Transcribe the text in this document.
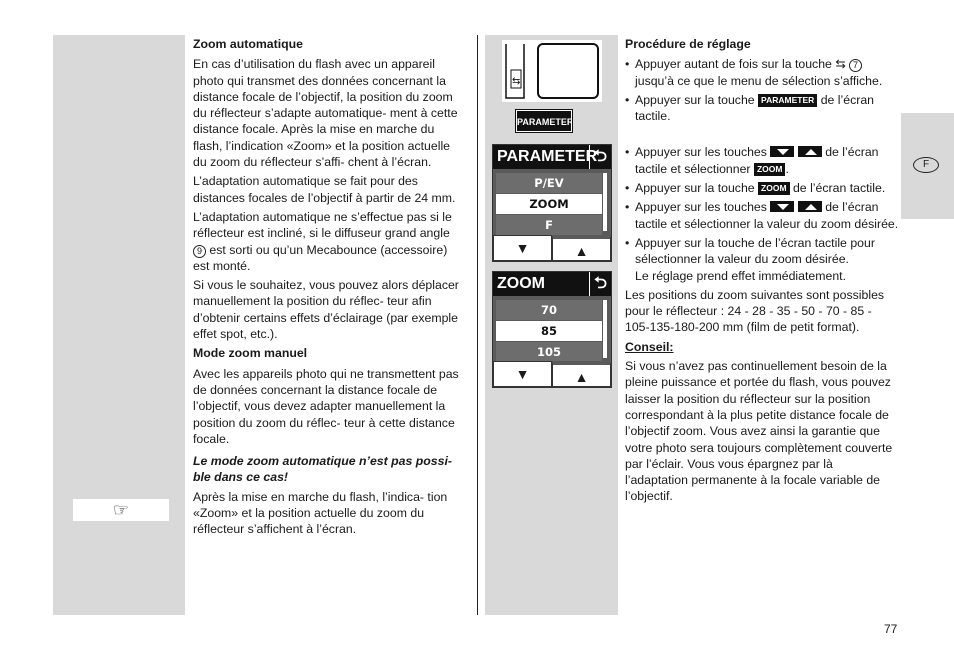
☞
Zoom automatique

En cas d’utilisation du flash avec un appareil photo qui transmet des données concernant la distance focale de l’objectif, la position du zoom du réflecteur s’adapte automatique- ment à cette distance focale. Après la mise en marche du flash, l’indication «Zoom» et la position actuelle du zoom du réflecteur s’affi- chent à l’écran.

L’adaptation automatique se fait pour des distances focales de l’objectif à partir de 24 mm.

L’adaptation automatique ne s’effectue pas si le réflecteur est incliné, si le diffuseur grand angle 9 est sorti ou qu’un Mecabounce (accessoire) est monté.

Si vous le souhaitez, vous pouvez alors déplacer manuellement la position du réflec- teur afin d’obtenir certains effets d’éclairage (par exemple effet spot, etc.).

Mode zoom manuel

Avec les appareils photo qui ne transmettent pas de données concernant la distance focale de l’objectif, vous devez adapter manuellement la position du zoom du réflec- teur à cette distance focale.

Le mode zoom automatique n’est pas possi- ble dans ce cas!

Après la mise en marche du flash, l’indica- tion «Zoom» et la position actuelle du zoom du réflecteur s’affichent à l’écran.

⇆
PARAMETER
PARAMETER
⮌
P/EV
ZOOM
F
▼	▲
ZOOM	⮌
70
85
105
▼	▲
Procédure de réglage

• Appuyer autant de fois sur la touche ⇆ 7 jusqu’à ce que le menu de sélection s’affiche.

• Appuyer sur la touche PARAMETER de l’écran tactile.

• Appuyer sur les touches
	de l’écran tactile et sélectionner ZOOM .

• Appuyer sur la touche ZOOM de l’écran tactile.

• Appuyer sur les touches
	de l’écran tactile et sélectionner la valeur du zoom désirée.

• Appuyer sur la touche de l’écran tactile pour sélectionner la valeur du zoom désirée.

Le réglage prend effet immédiatement.

Les positions du zoom suivantes sont possibles pour le réflecteur : 24 - 28 - 35 - 50 - 70 - 85 - 105-135-180-200 mm (film de petit format).

Conseil:

Si vous n’avez pas continuellement besoin de la pleine puissance et portée du flash, vous pouvez laisser la position du réflecteur sur la position correspondant à la plus petite distance focale de l’objectif zoom. Vous avez ainsi la garantie que votre photo sera toujours complètement couverte par l’éclair. Vous vous épargnez par là l’adaptation permanente à la focale variable de l’objectif.

F
77
